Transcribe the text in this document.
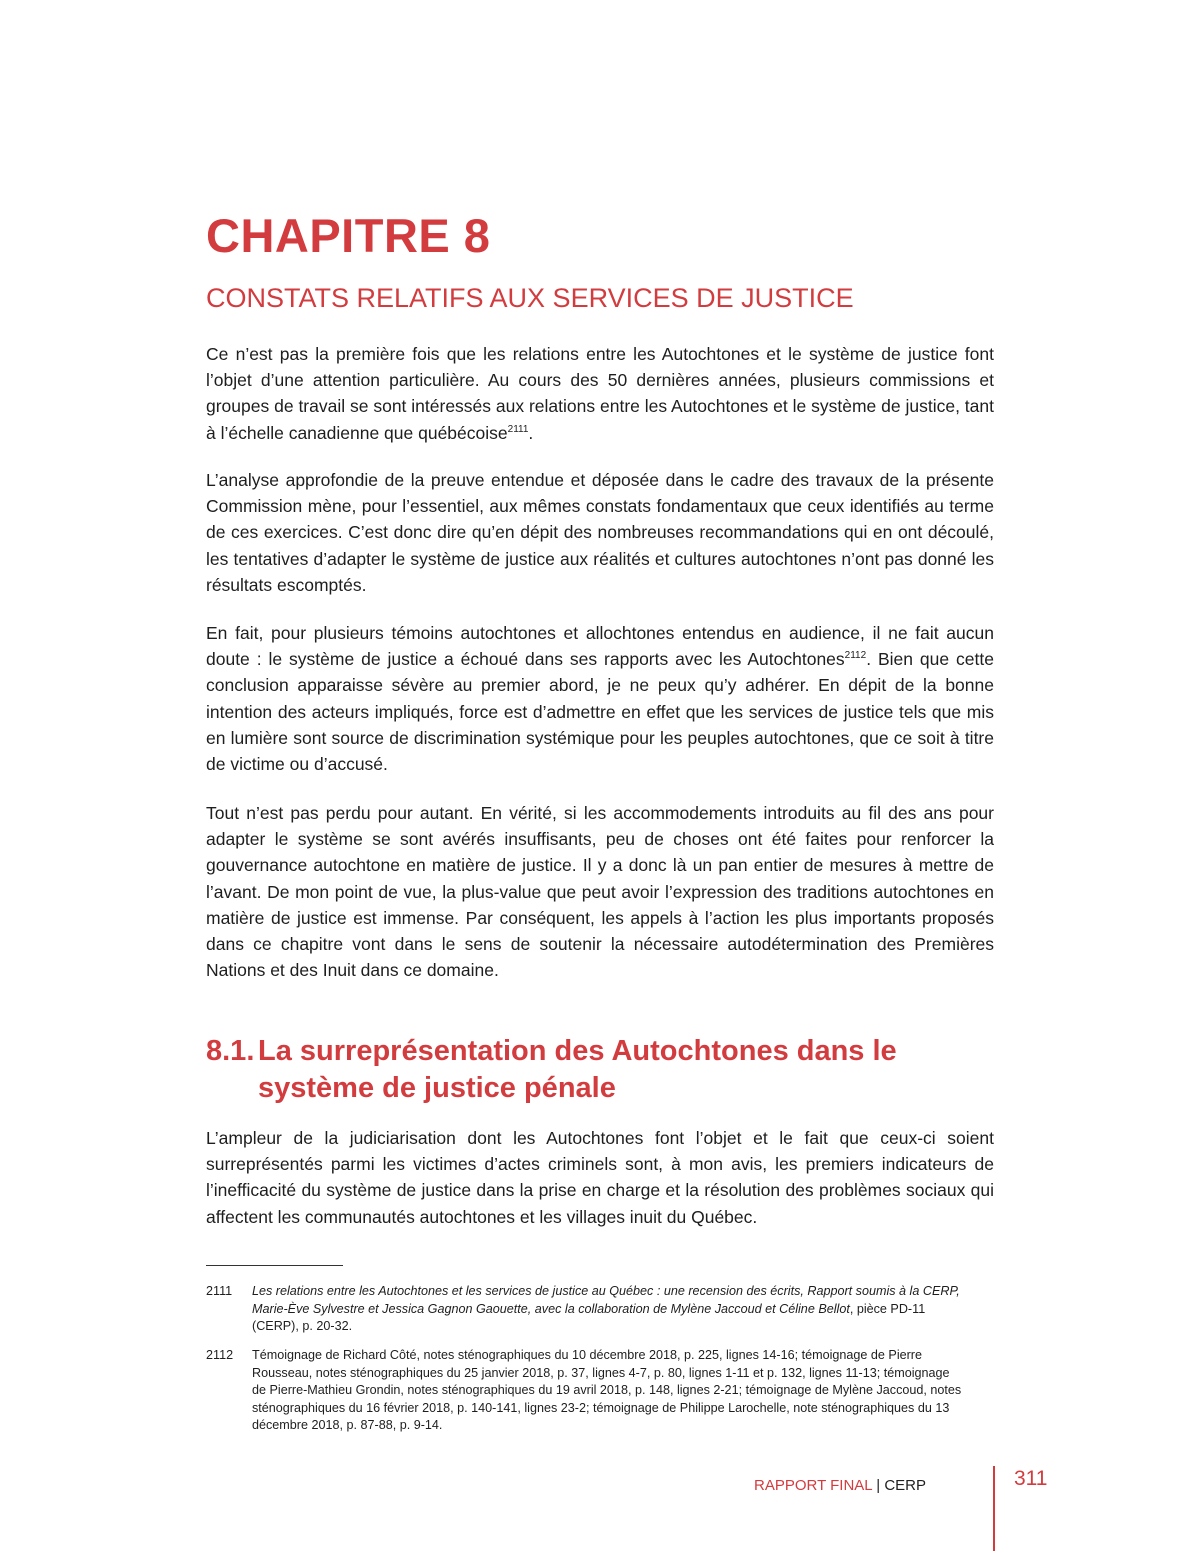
CHAPITRE 8
CONSTATS RELATIFS AUX SERVICES DE JUSTICE

Ce n’est pas la première fois que les relations entre les Autochtones et le système de justice font l’objet d’une attention particulière. Au cours des 50 dernières années, plusieurs commissions et groupes de travail se sont intéressés aux relations entre les Autochtones et le système de justice, tant à l’échelle canadienne que québécoise$^{2111}$.

L’analyse approfondie de la preuve entendue et déposée dans le cadre des travaux de la présente Commission mène, pour l’essentiel, aux mêmes constats fondamentaux que ceux identifiés au terme de ces exercices. C’est donc dire qu’en dépit des nombreuses recommandations qui en ont découlé, les tentatives d’adapter le système de justice aux réalités et cultures autochtones n’ont pas donné les résultats escomptés.

En fait, pour plusieurs témoins autochtones et allochtones entendus en audience, il ne fait aucun doute : le système de justice a échoué dans ses rapports avec les Autochtones$^{2112}$. Bien que cette conclusion apparaisse sévère au premier abord, je ne peux qu’y adhérer. En dépit de la bonne intention des acteurs impliqués, force est d’admettre en effet que les services de justice tels que mis en lumière sont source de discrimination systémique pour les peuples autochtones, que ce soit à titre de victime ou d’accusé.

Tout n’est pas perdu pour autant. En vérité, si les accommodements introduits au fil des ans pour adapter le système se sont avérés insuffisants, peu de choses ont été faites pour renforcer la gouvernance autochtone en matière de justice. Il y a donc là un pan entier de mesures à mettre de l’avant. De mon point de vue, la plus-value que peut avoir l’expression des traditions autochtones en matière de justice est immense. Par conséquent, les appels à l’action les plus importants proposés dans ce chapitre vont dans le sens de soutenir la nécessaire autodétermination des Premières Nations et des Inuit dans ce domaine.

8.1. La surreprésentation des Autochtones dans le
système de justice pénale

L’ampleur de la judiciarisation dont les Autochtones font l’objet et le fait que ceux-ci soient surreprésentés parmi les victimes d’actes criminels sont, à mon avis, les premiers indicateurs de l’inefficacité du système de justice dans la prise en charge et la résolution des problèmes sociaux qui affectent les communautés autochtones et les villages inuit du Québec.

2111	Les relations entre les Autochtones et les services de justice au Québec : une recension des écrits, Rapport soumis à la CERP, Marie-Ève Sylvestre et Jessica Gagnon Gaouette, avec la collaboration de Mylène Jaccoud et Céline Bellot, pièce PD-11 (CERP), p. 20-32.

2112	Témoignage de Richard Côté, notes sténographiques du 10 décembre 2018, p. 225, lignes 14-16; témoignage de Pierre Rousseau, notes sténographiques du 25 janvier 2018, p. 37, lignes 4-7, p. 80, lignes 1-11 et p. 132, lignes 11-13; témoignage de Pierre-Mathieu Grondin, notes sténographiques du 19 avril 2018, p. 148, lignes 2-21; témoignage de Mylène Jaccoud, notes sténographiques du 16 février 2018, p. 140-141, lignes 23-2; témoignage de Philippe Larochelle, note sténographiques du 13 décembre 2018, p. 87-88, p. 9-14.

RAPPORT FINAL | CERP	311
